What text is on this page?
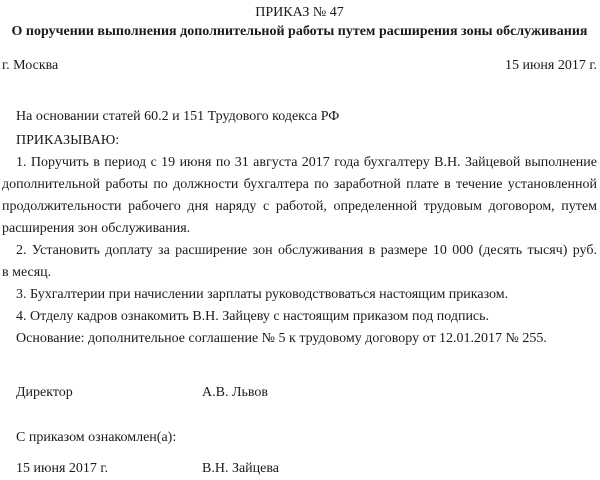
ПРИКАЗ № 47
О поручении выполнения дополнительной работы путем расширения зоны обслуживания
г. Москва	15 июня 2017 г.
На основании статей 60.2 и 151 Трудового кодекса РФ
ПРИКАЗЫВАЮ:
1. Поручить в период с 19 июня по 31 августа 2017 года бухгалтеру В.Н. Зайцевой выполнение
дополнительной работы по должности бухгалтера по заработной плате в течение установленной
продолжительности рабочего дня наряду с работой, определенной трудовым договором, путем
расширения зон обслуживания.
2. Установить доплату за расширение зон обслуживания в размере 10 000 (десять тысяч) руб.
в месяц.
3. Бухгалтерии при начислении зарплаты руководствоваться настоящим приказом.
4. Отделу кадров ознакомить В.Н. Зайцеву с настоящим приказом под подпись.
Основание: дополнительное соглашение № 5 к трудовому договору от 12.01.2017 № 255.
Директор	А.В. Львов
С приказом ознакомлен(а):
15 июня 2017 г.	В.Н. Зайцева
